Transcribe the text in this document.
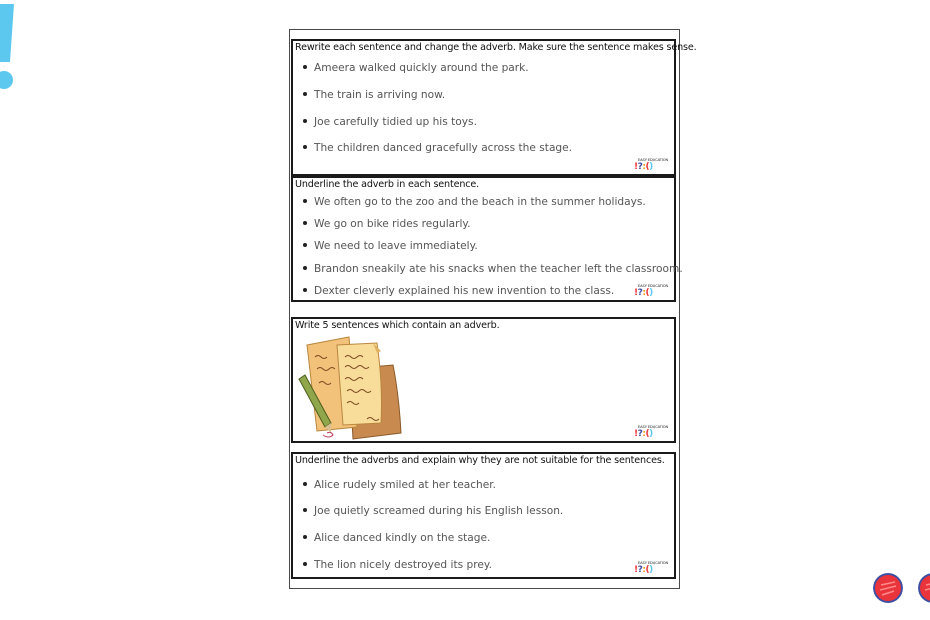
Rewrite each sentence and change the adverb. Make sure the sentence makes sense.
Ameera walked quickly around the park.
The train is arriving now.
Joe carefully tidied up his toys.
The children danced gracefully across the stage.
EASY EDUCATION
!?:()
Underline the adverb in each sentence.
We often go to the zoo and the beach in the summer holidays.
We go on bike rides regularly.
We need to leave immediately.
Brandon sneakily ate his snacks when the teacher left the classroom.
Dexter cleverly explained his new invention to the class.	EASY EDUCATION
!?:()
Write 5 sentences which contain an adverb.
EASY EDUCATION
!?:()
Underline the adverbs and explain why they are not suitable for the sentences.
Alice rudely smiled at her teacher.
Joe quietly screamed during his English lesson.
Alice danced kindly on the stage.
The lion nicely destroyed its prey.	EASY EDUCATION
!?:()
